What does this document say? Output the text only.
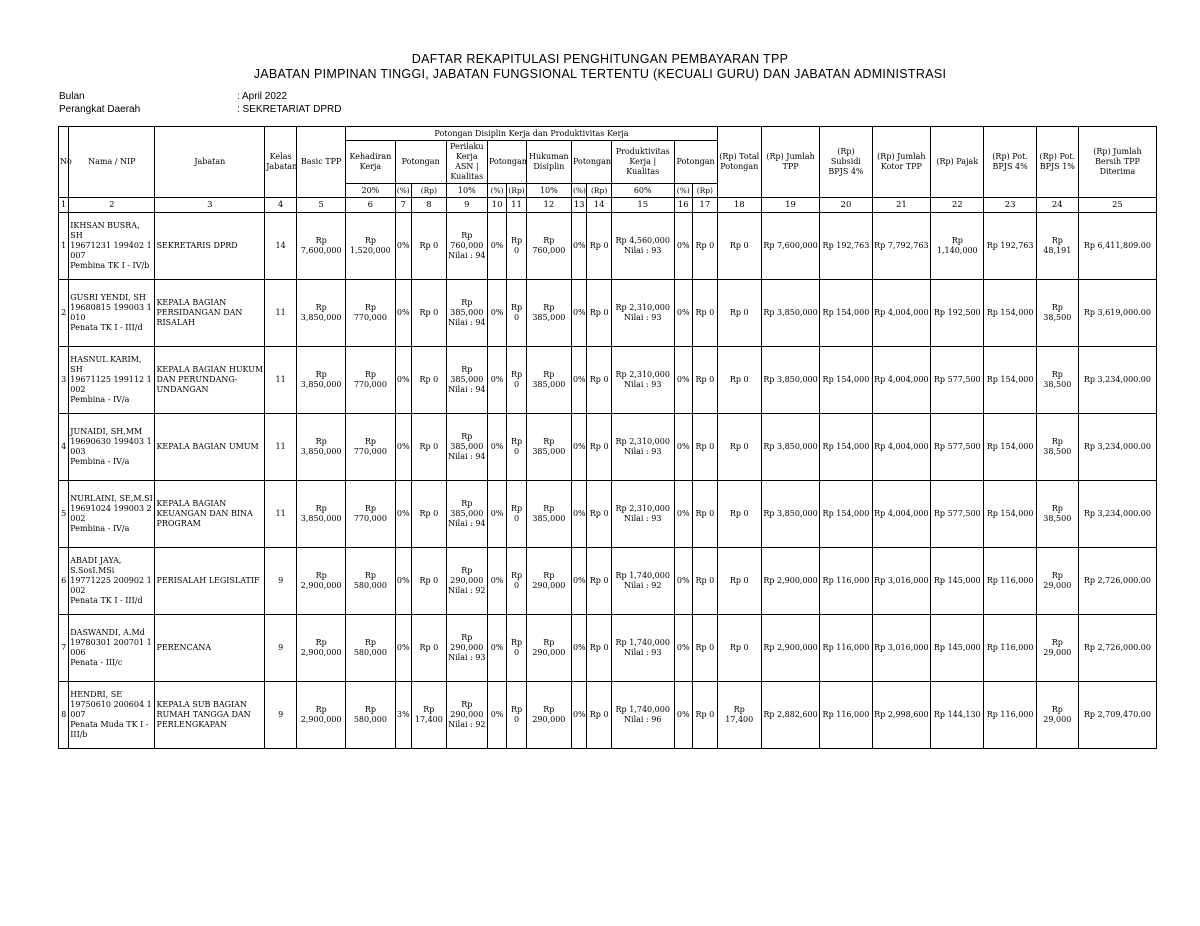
DAFTAR REKAPITULASI PENGHITUNGAN PEMBAYARAN TPP
JABATAN PIMPINAN TINGGI, JABATAN FUNGSIONAL TERTENTU (KECUALI GURU) DAN JABATAN ADMINISTRASI
Bulan	: April 2022
Perangkat Daerah	: SEKRETARIAT DPRD
No	Nama / NIP	Jabatan	Kelas Jabatan	Basic TPP	Potongan Disiplin Kerja dan Produktivitas Kerja												(Rp) Total Potongan	(Rp) Jumlah TPP	(Rp) Subsidi BPJS 4%	(Rp) Jumlah Kotor TPP	(Rp) Pajak	(Rp) Pot. BPJS 4%	(Rp) Pot. BPJS 1%	(Rp) Jumlah Bersih TPP Diterima
					Kehadiran Kerja	Potongan		Perilaku Kerja ASN | Kualitas	Potongan		Hukuman Disiplin	Potongan		Produktivitas Kerja | Kualitas	Potongan									
					20%	(%)	(Rp)	10%	(%)	(Rp)	10%	(%)	(Rp)	60%	(%)	(Rp)								
1	2	3	4	5	6	7	8	9	10	11	12	13	14	15	16	17	18	19	20	21	22	23	24	25
1	IKHSAN BUSRA, SH
19671231 199402 1 007
Pembina TK I - IV/b	SEKRETARIS DPRD	14	Rp 7,600,000	Rp 1,520,000	0%	Rp 0	Rp 760,000 Nilai : 94	0%	Rp 0	Rp 760,000	0%	Rp 0	Rp 4,560,000 Nilai : 93	0%	Rp 0	Rp 0	Rp 7,600,000	Rp 192,763	Rp 7,792,763	Rp 1,140,000	Rp 192,763	Rp 48,191	Rp 6,411,809.00
2	GUSRI YENDI, SH
19680815 199003 1 010
Penata TK I - III/d	KEPALA BAGIAN PERSIDANGAN DAN RISALAH	11	Rp 3,850,000	Rp 770,000	0%	Rp 0	Rp 385,000 Nilai : 94	0%	Rp 0	Rp 385,000	0%	Rp 0	Rp 2,310,000 Nilai : 93	0%	Rp 0	Rp 0	Rp 3,850,000	Rp 154,000	Rp 4,004,000	Rp 192,500	Rp 154,000	Rp 38,500	Rp 3,619,000.00
3	HASNUL KARIM, SH
19671125 199112 1 002
Pembina - IV/a	KEPALA BAGIAN HUKUM DAN PERUNDANG-UNDANGAN	11	Rp 3,850,000	Rp 770,000	0%	Rp 0	Rp 385,000 Nilai : 94	0%	Rp 0	Rp 385,000	0%	Rp 0	Rp 2,310,000 Nilai : 93	0%	Rp 0	Rp 0	Rp 3,850,000	Rp 154,000	Rp 4,004,000	Rp 577,500	Rp 154,000	Rp 38,500	Rp 3,234,000.00
4	JUNAIDI, SH,MM
19690630 199403 1 003
Pembina - IV/a	KEPALA BAGIAN UMUM	11	Rp 3,850,000	Rp 770,000	0%	Rp 0	Rp 385,000 Nilai : 94	0%	Rp 0	Rp 385,000	0%	Rp 0	Rp 2,310,000 Nilai : 93	0%	Rp 0	Rp 0	Rp 3,850,000	Rp 154,000	Rp 4,004,000	Rp 577,500	Rp 154,000	Rp 38,500	Rp 3,234,000.00
5	NURLAINI, SE,M.SI
19691024 199003 2 002
Pembina - IV/a	KEPALA BAGIAN KEUANGAN DAN BINA PROGRAM	11	Rp 3,850,000	Rp 770,000	0%	Rp 0	Rp 385,000 Nilai : 94	0%	Rp 0	Rp 385,000	0%	Rp 0	Rp 2,310,000 Nilai : 93	0%	Rp 0	Rp 0	Rp 3,850,000	Rp 154,000	Rp 4,004,000	Rp 577,500	Rp 154,000	Rp 38,500	Rp 3,234,000.00
6	ABADI JAYA, S.SosI.MSi
19771225 200902 1 002
Penata TK I - III/d	PERISALAH LEGISLATIF	9	Rp 2,900,000	Rp 580,000	0%	Rp 0	Rp 290,000 Nilai : 92	0%	Rp 0	Rp 290,000	0%	Rp 0	Rp 1,740,000 Nilai : 92	0%	Rp 0	Rp 0	Rp 2,900,000	Rp 116,000	Rp 3,016,000	Rp 145,000	Rp 116,000	Rp 29,000	Rp 2,726,000.00
7	DASWANDI, A.Md
19780301 200701 1 006
Penata - III/c	PERENCANA	9	Rp 2,900,000	Rp 580,000	0%	Rp 0	Rp 290,000 Nilai : 93	0%	Rp 0	Rp 290,000	0%	Rp 0	Rp 1,740,000 Nilai : 93	0%	Rp 0	Rp 0	Rp 2,900,000	Rp 116,000	Rp 3,016,000	Rp 145,000	Rp 116,000	Rp 29,000	Rp 2,726,000.00
8	HENDRI, SE
19750610 200604 1 007
Penata Muda TK I - III/b	KEPALA SUB BAGIAN RUMAH TANGGA DAN PERLENGKAPAN	9	Rp 2,900,000	Rp 580,000	3%	Rp 17,400	Rp 290,000 Nilai : 92	0%	Rp 0	Rp 290,000	0%	Rp 0	Rp 1,740,000 Nilai : 96	0%	Rp 0	Rp 17,400	Rp 2,882,600	Rp 116,000	Rp 2,998,600	Rp 144,130	Rp 116,000	Rp 29,000	Rp 2,709,470.00
